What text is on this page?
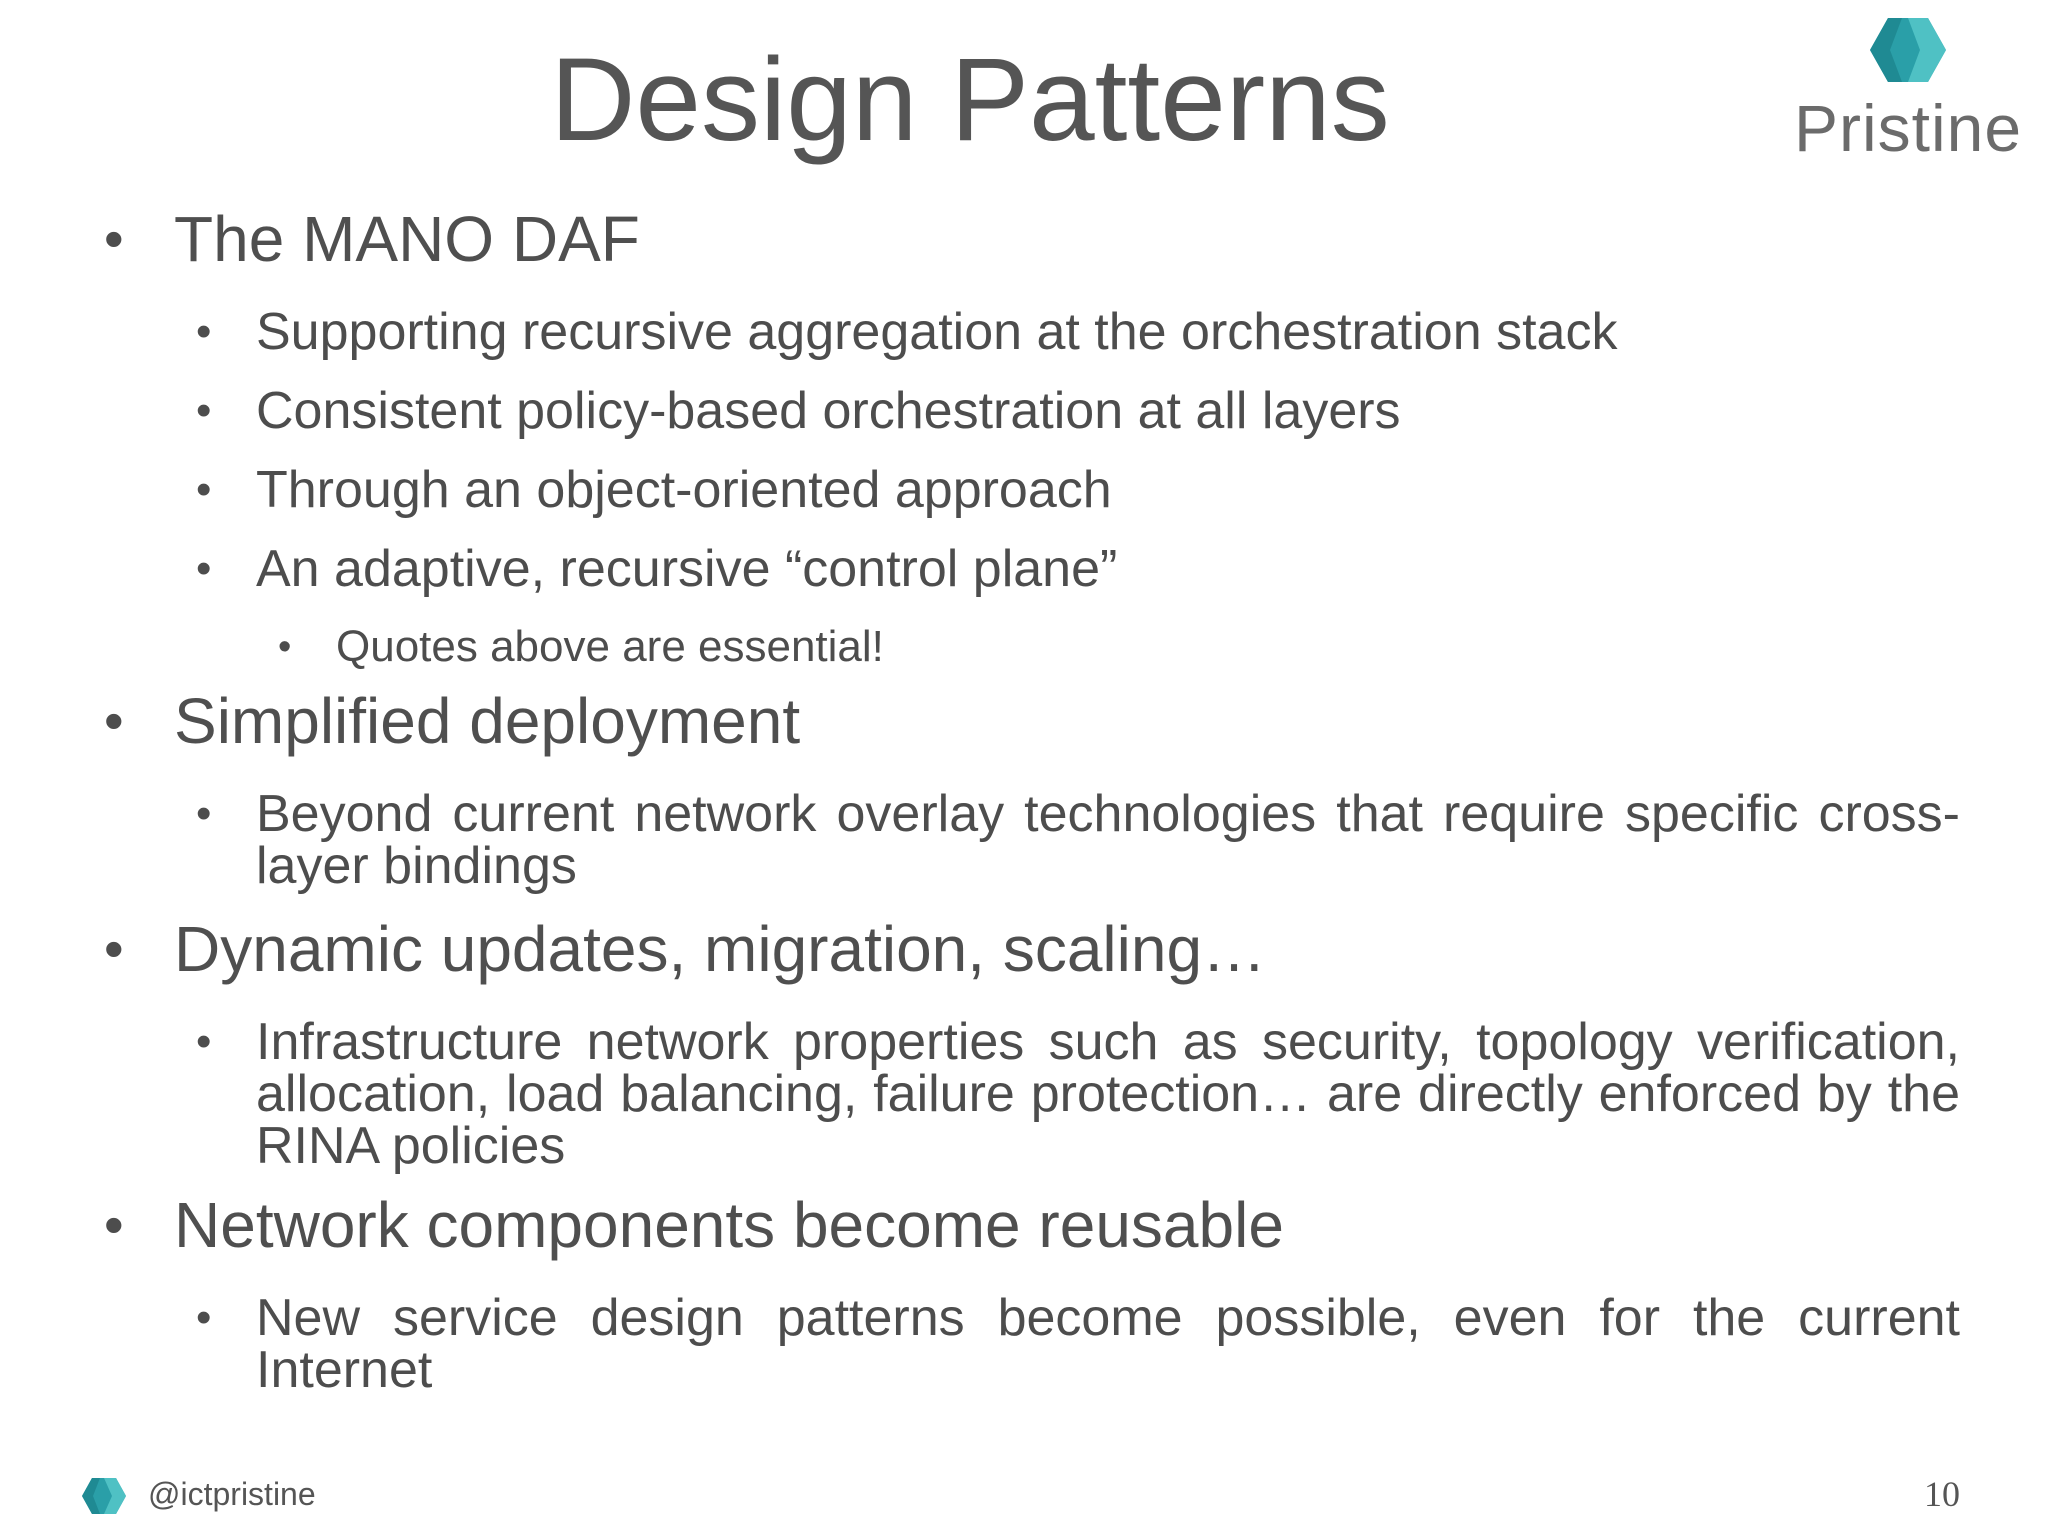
Design Patterns	Pristine
• The MANO DAF
• Supporting recursive aggregation at the orchestration stack
• Consistent policy-based orchestration at all layers
• Through an object-oriented approach
• An adaptive, recursive “control plane”
•	Quotes above are essential!
• Simplified deployment
• Beyond current network overlay technologies that require specific cross-layer bindings
• Dynamic updates, migration, scaling…
• Infrastructure network properties such as security, topology verification, allocation, load balancing, failure protection… are directly enforced by the RINA policies
• Network components become reusable
• New service design patterns become possible, even for the current Internet
@ictpristine	10
